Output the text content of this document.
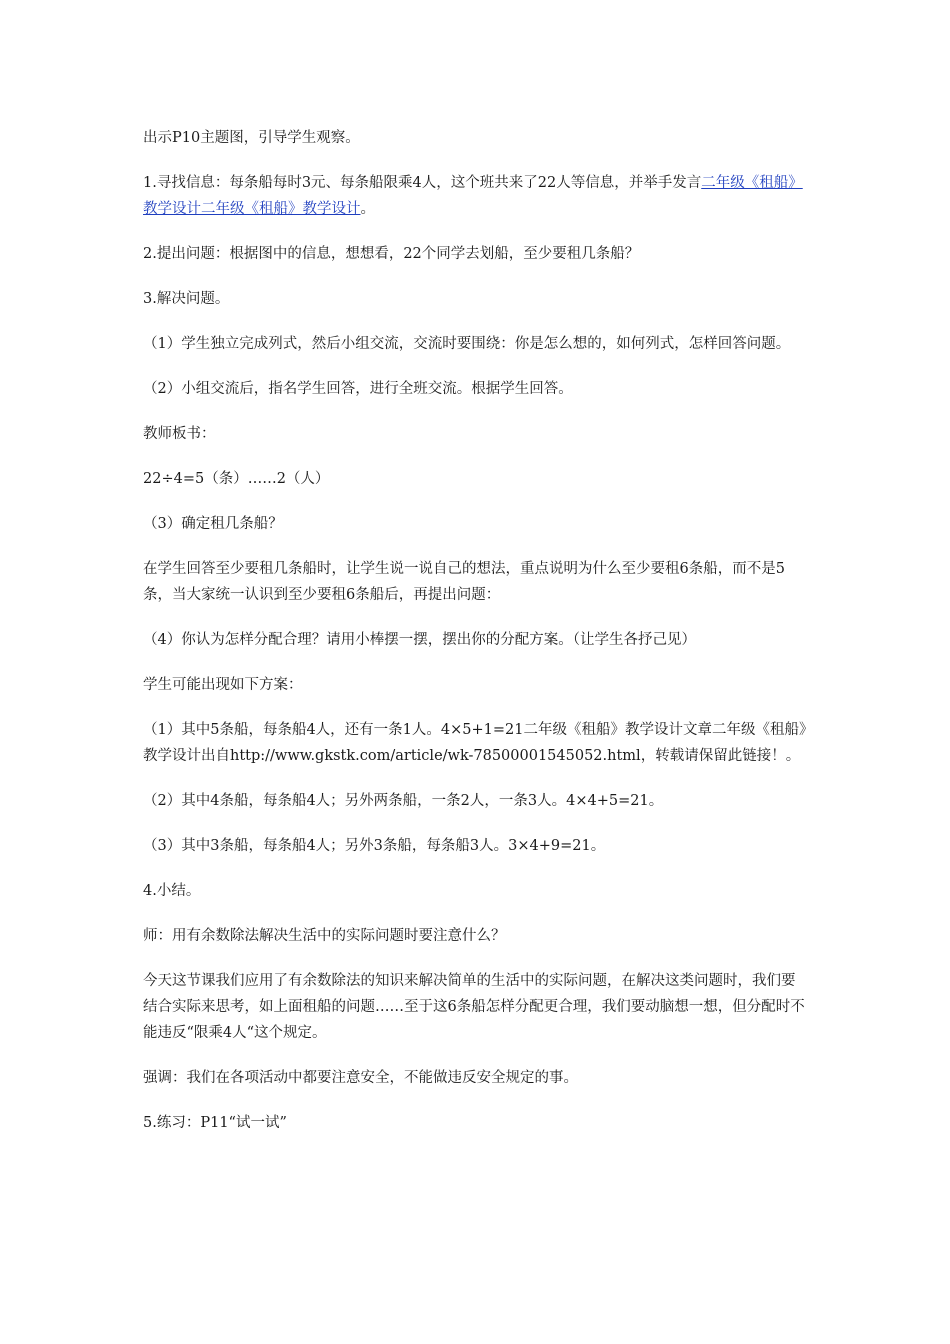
出示P10主题图，引导学生观察。

1.寻找信息：每条船每时3元、每条船限乘4人，这个班共来了22人等信息，并举手发言二年级《租船》教学设计二年级《租船》教学设计。

2.提出问题：根据图中的信息，想想看，22个同学去划船，至少要租几条船？

3.解决问题。

（1）学生独立完成列式，然后小组交流，交流时要围绕：你是怎么想的，如何列式，怎样回答问题。

（2）小组交流后，指名学生回答，进行全班交流。根据学生回答。

教师板书：

22÷4=5（条）……2（人）

（3）确定租几条船？

在学生回答至少要租几条船时，让学生说一说自己的想法，重点说明为什么至少要租6条船，而不是5条，当大家统一认识到至少要租6条船后，再提出问题：

（4）你认为怎样分配合理？请用小棒摆一摆，摆出你的分配方案。（让学生各抒己见）

学生可能出现如下方案：

（1）其中5条船，每条船4人，还有一条1人。4×5+1=21二年级《租船》教学设计文章二年级《租船》教学设计出自http://www.gkstk.com/article/wk-78500001545052.html，转载请保留此链接！。

（2）其中4条船，每条船4人；另外两条船，一条2人，一条3人。4×4+5=21。

（3）其中3条船，每条船4人；另外3条船，每条船3人。3×4+9=21。

4.小结。

师：用有余数除法解决生活中的实际问题时要注意什么？

今天这节课我们应用了有余数除法的知识来解决简单的生活中的实际问题，在解决这类问题时，我们要结合实际来思考，如上面租船的问题……至于这6条船怎样分配更合理，我们要动脑想一想，但分配时不能违反“限乘4人“这个规定。

强调：我们在各项活动中都要注意安全，不能做违反安全规定的事。

5.练习：P11“试一试”
